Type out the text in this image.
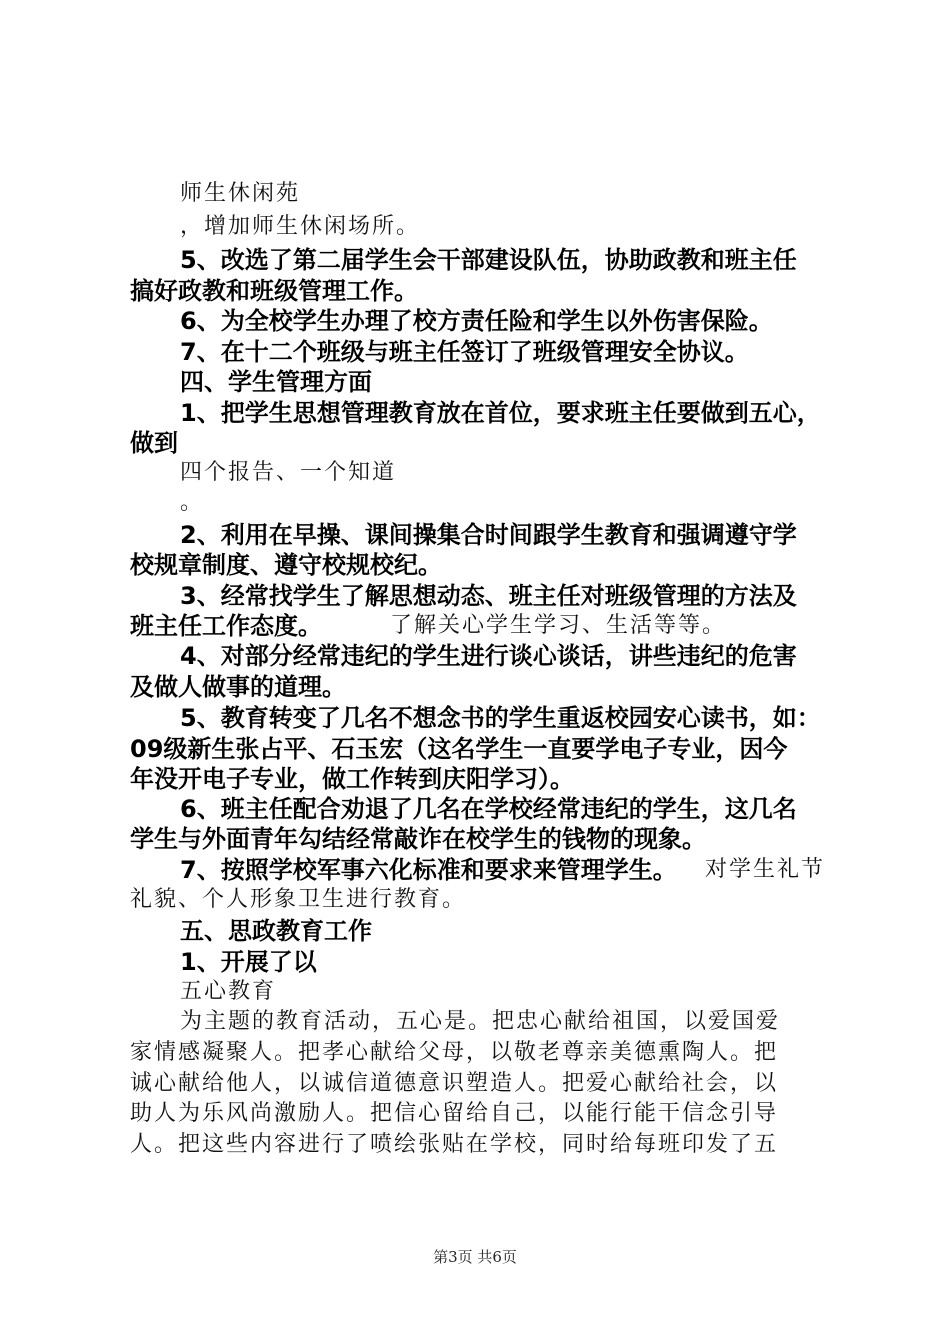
师生休闲苑
，增加师生休闲场所。
5、改选了第二届学生会干部建设队伍，协助政教和班主任
搞好政教和班级管理工作。
6、为全校学生办理了校方责任险和学生以外伤害保险。
7、在十二个班级与班主任签订了班级管理安全协议。
四、学生管理方面
1、把学生思想管理教育放在首位，要求班主任要做到五心，
做到
四个报告、一个知道
。
2、利用在早操、课间操集合时间跟学生教育和强调遵守学
校规章制度、遵守校规校纪。
3、经常找学生了解思想动态、班主任对班级管理的方法及
班主任工作态度。	了解关心学生学习、生活等等。
4、对部分经常违纪的学生进行谈心谈话，讲些违纪的危害
及做人做事的道理。
5、教育转变了几名不想念书的学生重返校园安心读书，如：
09级新生张占平、石玉宏（这名学生一直要学电子专业，因今
年没开电子专业，做工作转到庆阳学习）。
6、班主任配合劝退了几名在学校经常违纪的学生，这几名
学生与外面青年勾结经常敲诈在校学生的钱物的现象。
7、按照学校军事六化标准和要求来管理学生。 对学生礼节
礼貌、个人形象卫生进行教育。
五、思政教育工作
1、开展了以
五心教育
为主题的教育活动，五心是。把忠心献给祖国，以爱国爱
家情感凝聚人。把孝心献给父母，以敬老尊亲美德熏陶人。把
诚心献给他人，以诚信道德意识塑造人。把爱心献给社会，以
助人为乐风尚激励人。把信心留给自己，以能行能干信念引导
人。把这些内容进行了喷绘张贴在学校，同时给每班印发了五
第3页 共6页
